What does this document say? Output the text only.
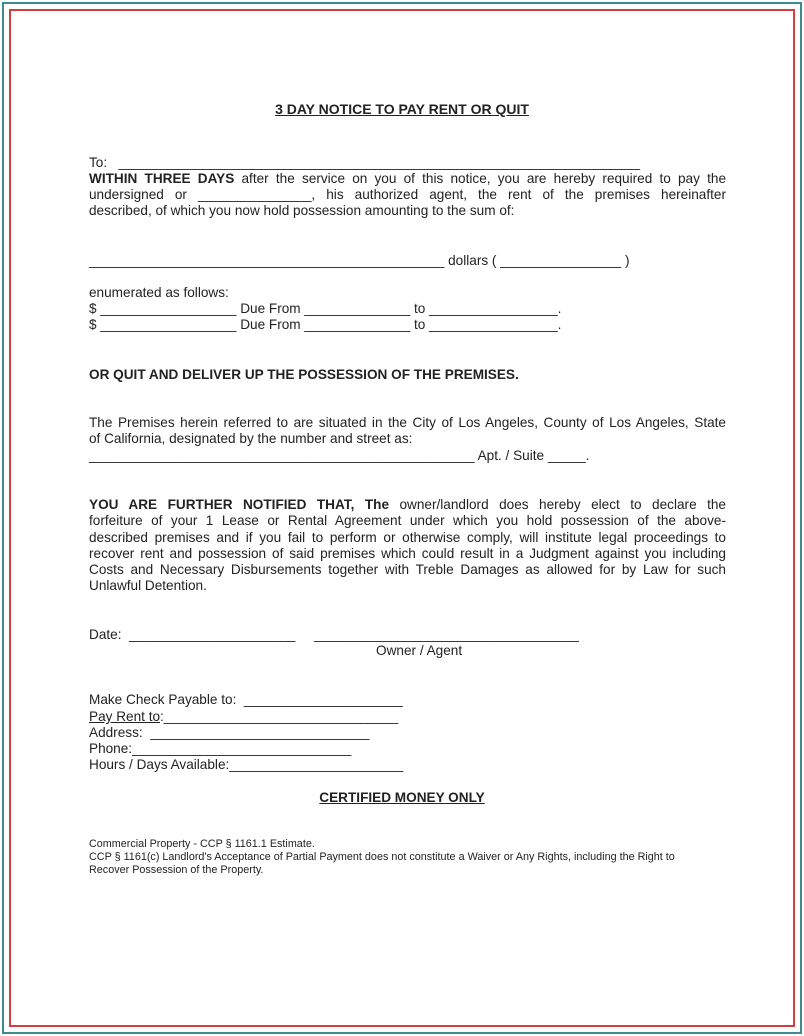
3 DAY NOTICE TO PAY RENT OR QUIT
To:   _____________________________________________________________________
WITHIN THREE DAYS after the service on you of this notice, you are hereby required to pay the
undersigned or _______________, his authorized agent, the rent of the premises hereinafter
described, of which you now hold possession amounting to the sum of:
_______________________________________________ dollars ( ________________ )
enumerated as follows:
$ __________________ Due From ______________ to _________________.
$ __________________ Due From ______________ to _________________.
OR QUIT AND DELIVER UP THE POSSESSION OF THE PREMISES.
The Premises herein referred to are situated in the City of Los Angeles, County of Los Angeles, State
of California, designated by the number and street as:
___________________________________________________ Apt. / Suite _____.
YOU ARE FURTHER NOTIFIED THAT, The owner/landlord does hereby elect to declare the
forfeiture of your 1 Lease or Rental Agreement under which you hold possession of the above-
described premises and if you fail to perform or otherwise comply, will institute legal proceedings to
recover rent and possession of said premises which could result in a Judgment against you including
Costs and Necessary Disbursements together with Treble Damages as allowed for by Law for such
Unlawful Detention.
Date:  ______________________     ___________________________________
Owner / Agent
Make Check Payable to:  _____________________
Pay Rent to:_______________________________
Address:  _____________________________
Phone:_____________________________
Hours / Days Available:_______________________
CERTIFIED MONEY ONLY
Commercial Property - CCP § 1161.1 Estimate.
CCP § 1161(c) Landlord's Acceptance of Partial Payment does not constitute a Waiver or Any Rights, including the Right to
Recover Possession of the Property.
